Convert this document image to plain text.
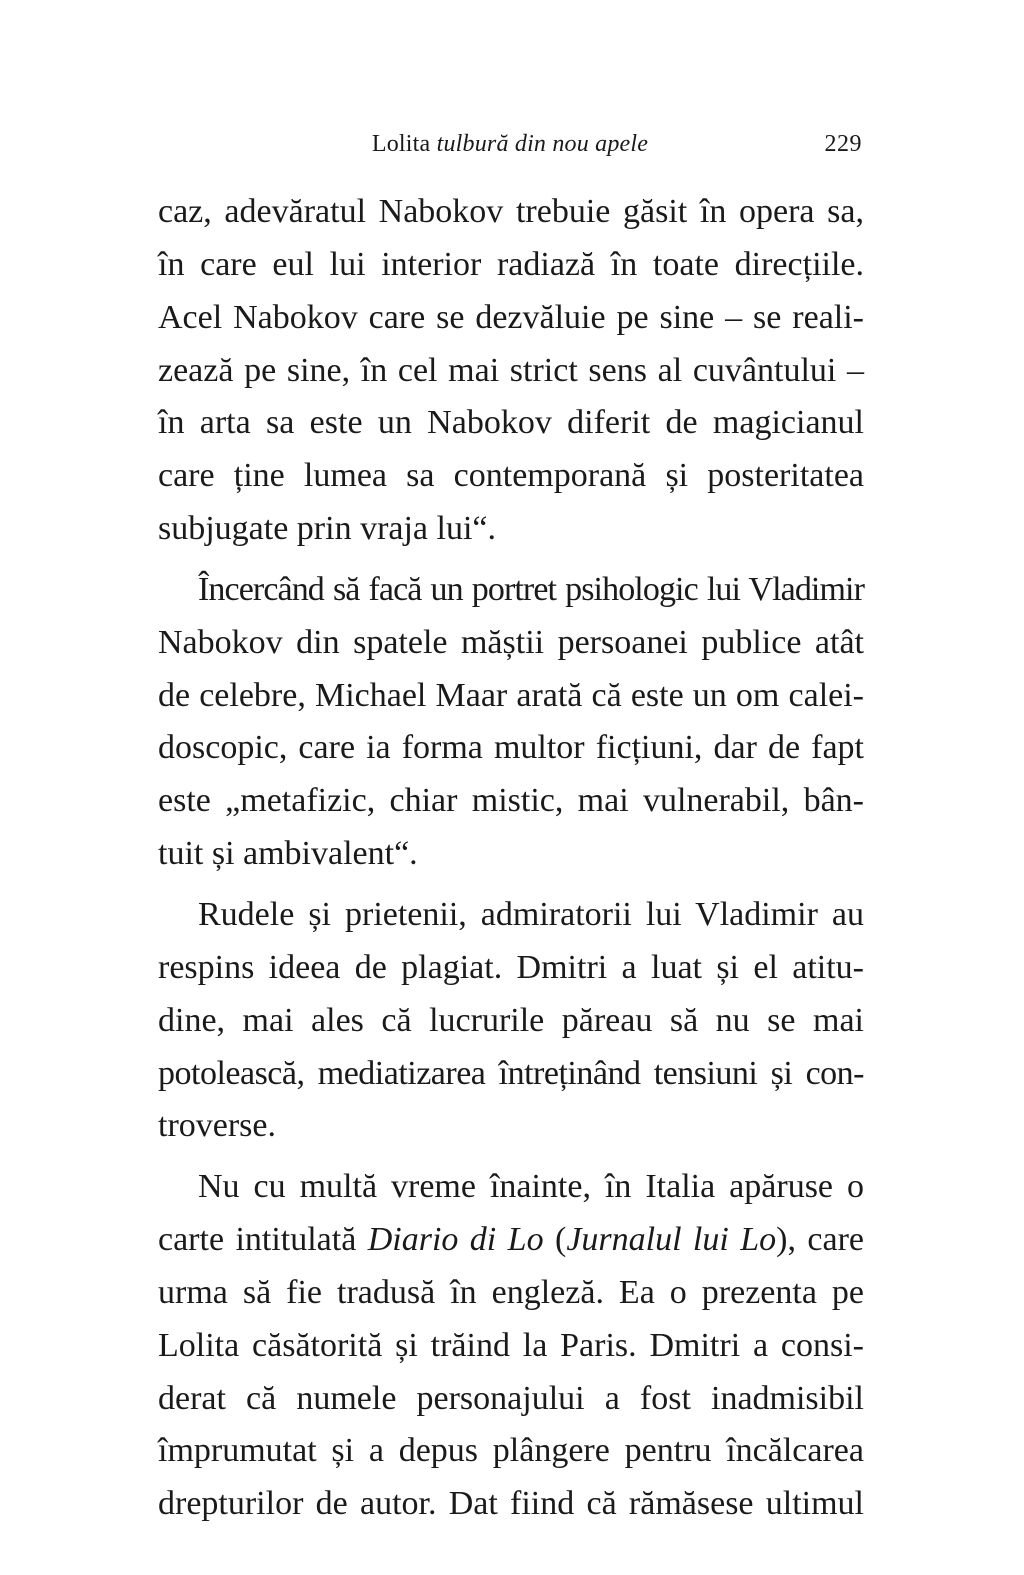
Lolita tulbură din nou apele	229
caz, adevăratul Nabokov trebuie găsit în opera sa,
în care eul lui interior radiază în toate direcțiile.
Acel Nabokov care se dezvăluie pe sine – se reali-
zează pe sine, în cel mai strict sens al cuvântului –
în arta sa este un Nabokov diferit de magicianul
care ține lumea sa contemporană și posteritatea
subjugate prin vraja lui“.
Încercând să facă un portret psihologic lui Vladimir
Nabokov din spatele măștii persoanei publice atât
de celebre, Michael Maar arată că este un om calei-
doscopic, care ia forma multor ficțiuni, dar de fapt
este „metafizic, chiar mistic, mai vulnerabil, bân-
tuit și ambivalent“.
Rudele și prietenii, admiratorii lui Vladimir au
respins ideea de plagiat. Dmitri a luat și el atitu-
dine, mai ales că lucrurile păreau să nu se mai
potolească, mediatizarea întreținând tensiuni și con-
troverse.
Nu cu multă vreme înainte, în Italia apăruse o
carte intitulată Diario di Lo (Jurnalul lui Lo), care
urma să fie tradusă în engleză. Ea o prezenta pe
Lolita căsătorită și trăind la Paris. Dmitri a consi-
derat că numele personajului a fost inadmisibil
împrumutat și a depus plângere pentru încălcarea
drepturilor de autor. Dat fiind că rămăsese ultimul
